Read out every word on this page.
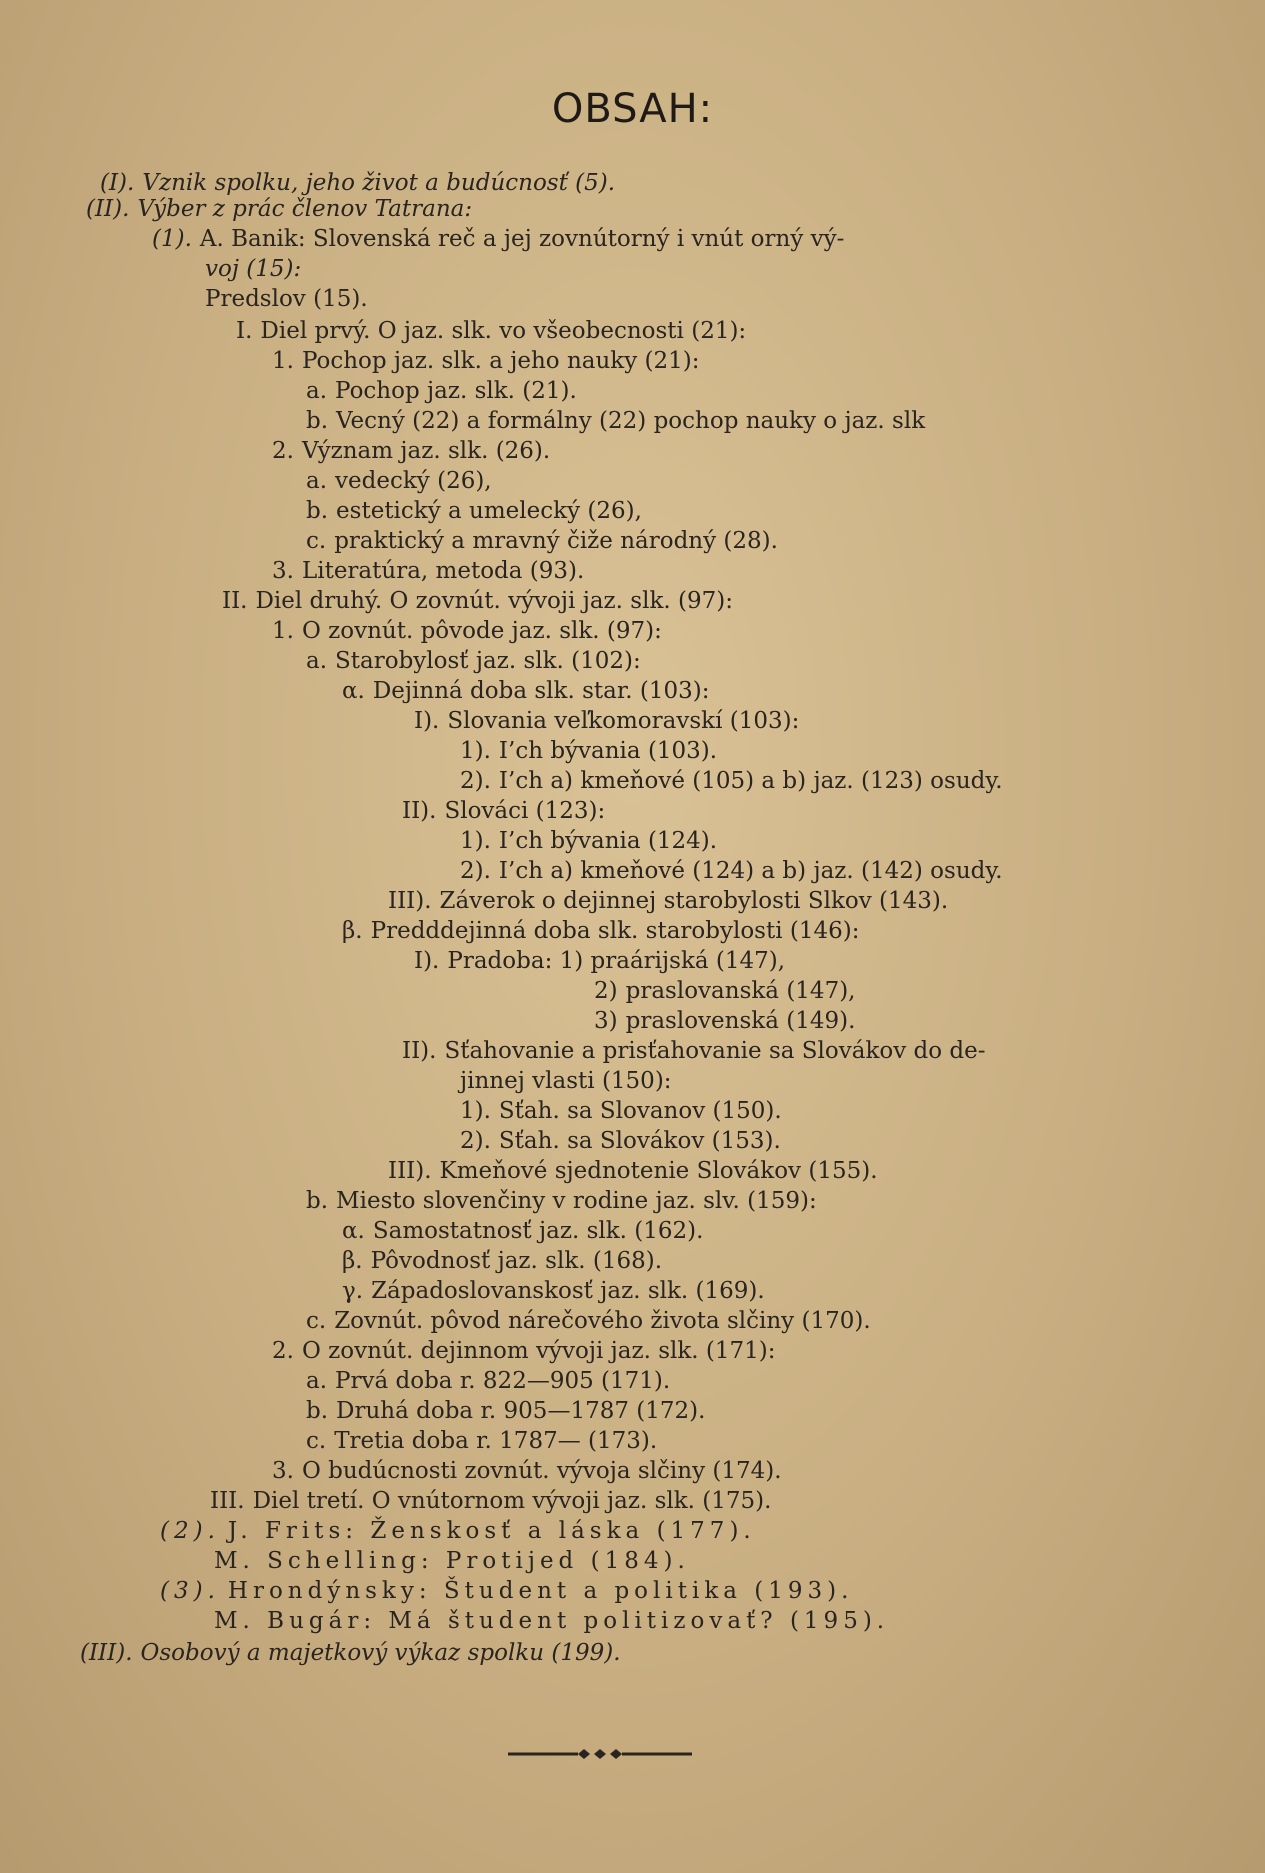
OBSAH:
(I). Vznik spolku, jeho život a budúcnosť (5).
(II). Výber z prác členov Tatrana:
(1). A. Banik: Slovenská reč a jej zovnútorný i vnút orný vý-
voj (15):
Predslov (15).
I. Diel prvý. O jaz. slk. vo všeobecnosti (21):
1. Pochop jaz. slk. a jeho nauky (21):
a. Pochop jaz. slk. (21).
b. Vecný (22) a formálny (22) pochop nauky o jaz. slk
2. Význam jaz. slk. (26).
a. vedecký (26),
b. estetický a umelecký (26),
c. praktický a mravný čiže národný (28).
3. Literatúra, metoda (93).
II. Diel druhý. O zovnút. vývoji jaz. slk. (97):
1. O zovnút. pôvode jaz. slk. (97):
a. Starobylosť jaz. slk. (102):
α. Dejinná doba slk. star. (103):
I). Slovania veľkomoravskí (103):
1). I’ch bývania (103).
2). I’ch a) kmeňové (105) a b) jaz. (123) osudy.
II). Slováci (123):
1). I’ch bývania (124).
2). I’ch a) kmeňové (124) a b) jaz. (142) osudy.
III). Záverok o dejinnej starobylosti Slkov (143).
β. Predddejinná doba slk. starobylosti (146):
I). Pradoba: 1) praárijská (147),
2) praslovanská (147),
3) praslovenská (149).
II). Sťahovanie a prisťahovanie sa Slovákov do de-
jinnej vlasti (150):
1). Sťah. sa Slovanov (150).
2). Sťah. sa Slovákov (153).
III). Kmeňové sjednotenie Slovákov (155).
b. Miesto slovenčiny v rodine jaz. slv. (159):
α. Samostatnosť jaz. slk. (162).
β. Pôvodnosť jaz. slk. (168).
γ. Západoslovanskosť jaz. slk. (169).
c. Zovnút. pôvod nárečového života slčiny (170).
2. O zovnút. dejinnom vývoji jaz. slk. (171):
a. Prvá doba r. 822—905 (171).
b. Druhá doba r. 905—1787 (172).
c. Tretia doba r. 1787— (173).
3. O budúcnosti zovnút. vývoja slčiny (174).
III. Diel tretí. O vnútornom vývoji jaz. slk. (175).
(2). J. Frits: Ženskosť a láska (177).
M. Schelling: Protijed (184).
(3). Hrondýnsky: Študent a politika (193).
M. Bugár: Má študent politizovať? (195).
(III). Osobový a majetkový výkaz spolku (199).
